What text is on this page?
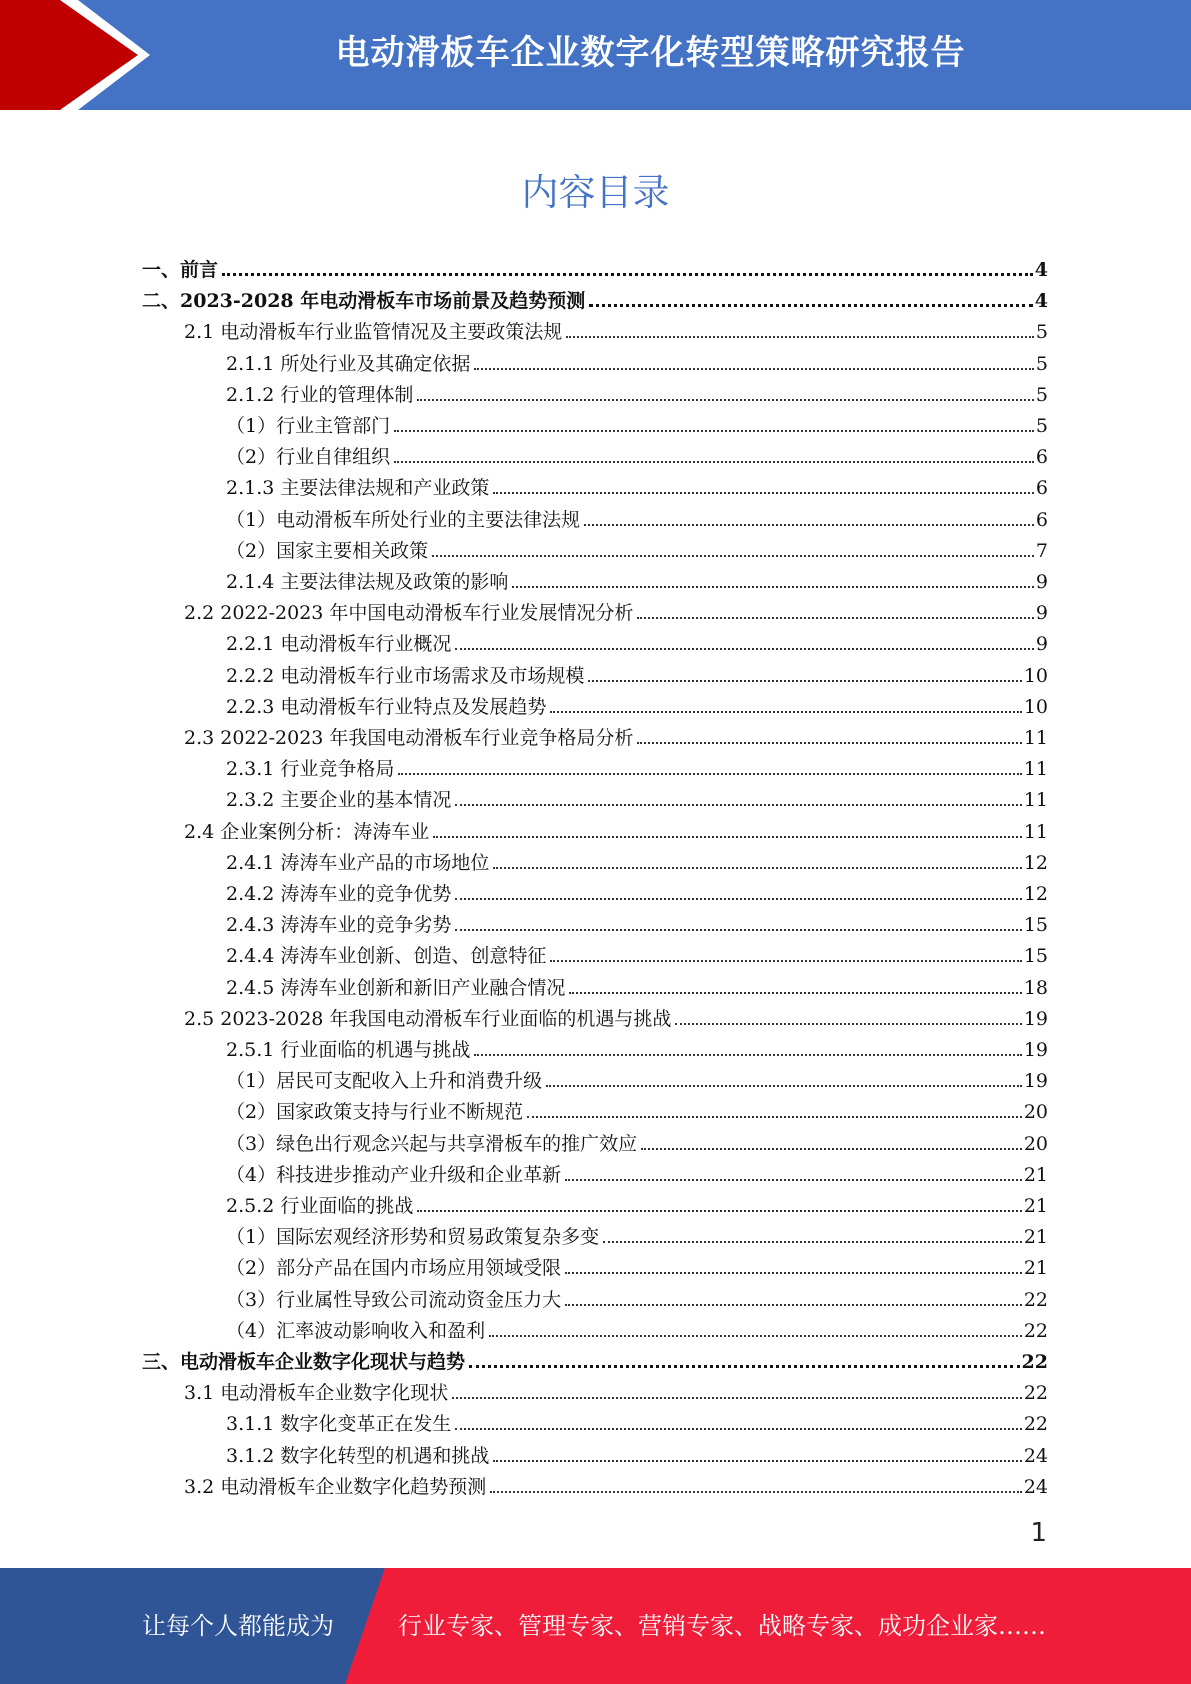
电动滑板车企业数字化转型策略研究报告
内容目录
一、前言	4
二、2023-2028 年电动滑板车市场前景及趋势预测	4
2.1 电动滑板车行业监管情况及主要政策法规	5
2.1.1 所处行业及其确定依据	5
2.1.2 行业的管理体制	5
（1）行业主管部门	5
（2）行业自律组织	6
2.1.3 主要法律法规和产业政策	6
（1）电动滑板车所处行业的主要法律法规	6
（2）国家主要相关政策	7
2.1.4 主要法律法规及政策的影响	9
2.2 2022-2023 年中国电动滑板车行业发展情况分析	9
2.2.1 电动滑板车行业概况	9
2.2.2 电动滑板车行业市场需求及市场规模	10
2.2.3 电动滑板车行业特点及发展趋势	10
2.3 2022-2023 年我国电动滑板车行业竞争格局分析	11
2.3.1 行业竞争格局	11
2.3.2 主要企业的基本情况	11
2.4 企业案例分析：涛涛车业	11
2.4.1 涛涛车业产品的市场地位	12
2.4.2 涛涛车业的竞争优势	12
2.4.3 涛涛车业的竞争劣势	15
2.4.4 涛涛车业创新、创造、创意特征	15
2.4.5 涛涛车业创新和新旧产业融合情况	18
2.5 2023-2028 年我国电动滑板车行业面临的机遇与挑战	19
2.5.1 行业面临的机遇与挑战	19
（1）居民可支配收入上升和消费升级	19
（2）国家政策支持与行业不断规范	20
（3）绿色出行观念兴起与共享滑板车的推广效应	20
（4）科技进步推动产业升级和企业革新	21
2.5.2 行业面临的挑战	21
（1）国际宏观经济形势和贸易政策复杂多变	21
（2）部分产品在国内市场应用领域受限	21
（3）行业属性导致公司流动资金压力大	22
（4）汇率波动影响收入和盈利	22
三、电动滑板车企业数字化现状与趋势	22
3.1 电动滑板车企业数字化现状	22
3.1.1 数字化变革正在发生	22
3.1.2 数字化转型的机遇和挑战	24
3.2 电动滑板车企业数字化趋势预测	24
1
让每个人都能成为	行业专家、管理专家、营销专家、战略专家、成功企业家……
